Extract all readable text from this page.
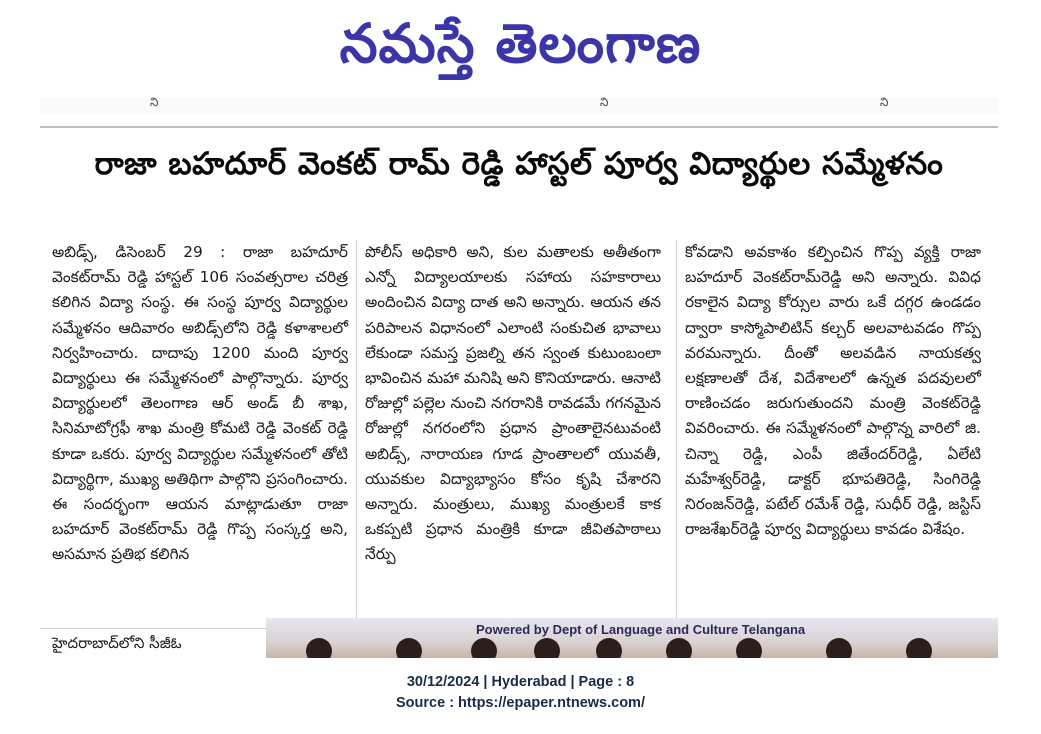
నమస్తే తెలంగాణ
ని	ని	ని
రాజా బహదూర్ వెంకట్ రామ్ రెడ్డి హాస్టల్ పూర్వ విద్యార్థుల సమ్మేళనం
అబిడ్స్, డిసెంబర్ 29 : రాజా బహదూర్ వెంకట్‌రామ్ రెడ్డి హాస్టల్ 106 సంవత్సరాల చరిత్ర కలిగిన విద్యా సంస్థ. ఈ సంస్థ పూర్వ విద్యార్థుల సమ్మేళనం ఆదివారం అబిడ్స్‌లోని రెడ్డి కళాశాలలో నిర్వహించారు. దాదాపు 1200 మంది పూర్వ విద్యార్థులు ఈ సమ్మేళనంలో పాల్గొన్నారు. పూర్వ విద్యార్థులలో తెలంగాణ ఆర్ అండ్ బీ శాఖ, సినిమాటోగ్రఫీ శాఖ మంత్రి కోమటి రెడ్డి వెంకట్ రెడ్డి కూడా ఒకరు. పూర్వ విద్యార్థుల సమ్మేళనంలో తోటి విద్యార్థిగా, ముఖ్య అతిథిగా పాల్గొని ప్రసంగించారు. ఈ సందర్భంగా ఆయన మాట్లాడుతూ రాజా బహదూర్ వెంకట్‌రామ్ రెడ్డి గొప్ప సంస్కర్త అని, అసమాన ప్రతిభ కలిగిన
పోలీస్ అధికారి అని, కుల మతాలకు అతీతంగా ఎన్నో విద్యాలయాలకు సహాయ సహకారాలు అందించిన విద్యా దాత అని అన్నారు. ఆయన తన పరిపాలన విధానంలో ఎలాంటి సంకుచిత భావాలు లేకుండా సమస్త ప్రజల్ని తన స్వంత కుటుంబంలా భావించిన మహా మనిషి అని కొనియాడారు. ఆనాటి రోజుల్లో పల్లెల నుంచి నగరానికి రావడమే గగనమైన రోజుల్లో నగరంలోని ప్రధాన ప్రాంతాలైనటువంటి అబిడ్స్, నారాయణ గూడ ప్రాంతాలలో యువతీ, యువకుల విద్యాభ్యాసం కోసం కృషి చేశారని అన్నారు. మంత్రులు, ముఖ్య మంత్రులకే కాక ఒకప్పటి ప్రధాన మంత్రికి కూడా జీవితపాఠాలు నేర్పు
కోవడాని అవకాశం కల్పించిన గొప్ప వ్యక్తి రాజా బహదూర్ వెంకట్‌రామ్‌రెడ్డి అని అన్నారు. వివిధ రకాలైన విద్యా కోర్సుల వారు ఒకే దగ్గర ఉండడం ద్వారా కాస్మోపాలిటిన్ కల్చర్ అలవాటవడం గొప్ప వరమన్నారు. దీంతో అలవడిన నాయకత్వ లక్షణాలతో దేశ, విదేశాలలో ఉన్నత పదవులలో రాణించడం జరుగుతుందని మంత్రి వెంకట్‌రెడ్డి వివరించారు. ఈ సమ్మేళనంలో పాల్గొన్న వారిలో జి. చిన్నా రెడ్డి, ఎంపీ జితేందర్‌రెడ్డి, ఏలేటి మహేశ్వర్‌రెడ్డి, డాక్టర్ భూపతిరెడ్డి, సింగిరెడ్డి నిరంజన్‌రెడ్డి, పటేల్ రమేశ్ రెడ్డి, సుధీర్ రెడ్డి, జస్టిస్ రాజశేఖర్‌రెడ్డి పూర్వ విద్యార్థులు కావడం విశేషం.
హైదరాబాద్‌లోని సీజీఓ
Powered by Dept of Language and Culture Telangana
30/12/2024 | Hyderabad | Page : 8
Source : https://epaper.ntnews.com/
